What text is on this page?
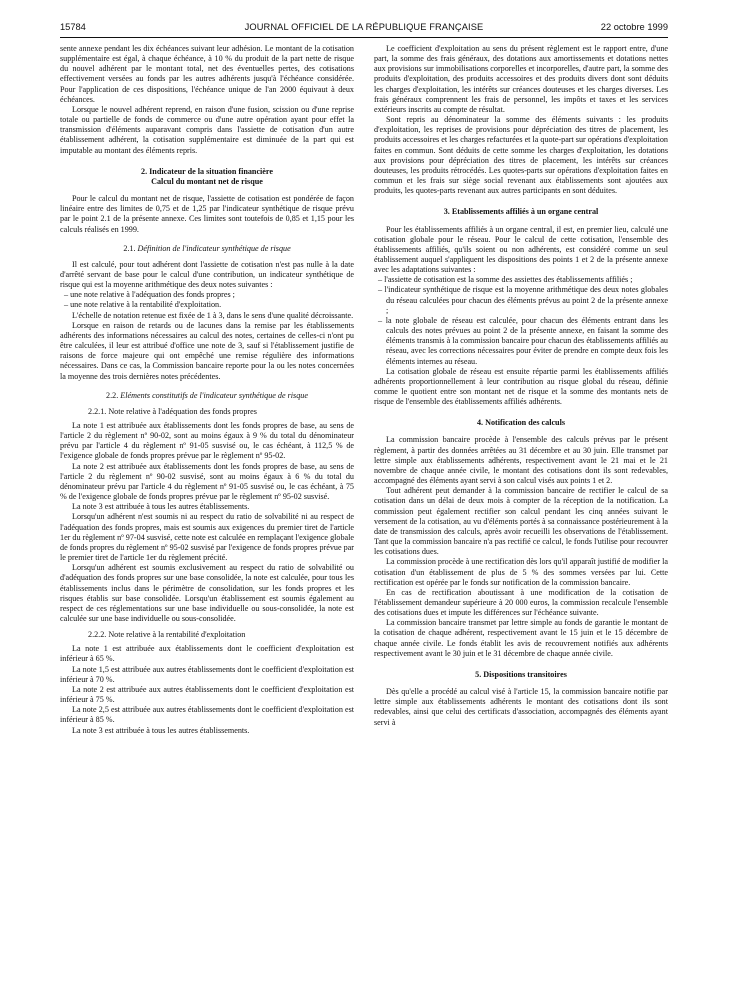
15784	JOURNAL OFFICIEL DE LA RÉPUBLIQUE FRANÇAISE	22 octobre 1999

sente annexe pendant les dix échéances suivant leur adhésion. Le montant de la cotisation supplémentaire est égal, à chaque échéance, à 10 % du produit de la part nette de risque du nouvel adhérent par le montant total, net des éventuelles pertes, des cotisations effectivement versées au fonds par les autres adhérents jusqu'à l'échéance considérée. Pour l'application de ces dispositions, l'échéance unique de l'an 2000 équivaut à deux échéances.

Lorsque le nouvel adhérent reprend, en raison d'une fusion, scission ou d'une reprise totale ou partielle de fonds de commerce ou d'une autre opération ayant pour effet la transmission d'éléments auparavant compris dans l'assiette de cotisation d'un autre établissement adhérent, la cotisation supplémentaire est diminuée de la part qui est imputable au montant des éléments repris.

2. Indicateur de la situation financière
Calcul du montant net de risque

Pour le calcul du montant net de risque, l'assiette de cotisation est pondérée de façon linéaire entre des limites de 0,75 et de 1,25 par l'indicateur synthétique de risque prévu par le point 2.1 de la présente annexe. Ces limites sont toutefois de 0,85 et 1,15 pour les calculs réalisés en 1999.

2.1. Définition de l'indicateur synthétique de risque

Il est calculé, pour tout adhérent dont l'assiette de cotisation n'est pas nulle à la date d'arrêté servant de base pour le calcul d'une contribution, un indicateur synthétique de risque qui est la moyenne arithmétique des deux notes suivantes :

– une note relative à l'adéquation des fonds propres ;
– une note relative à la rentabilité d'exploitation.

L'échelle de notation retenue est fixée de 1 à 3, dans le sens d'une qualité décroissante.

Lorsque en raison de retards ou de lacunes dans la remise par les établissements adhérents des informations nécessaires au calcul des notes, certaines de celles-ci n'ont pu être calculées, il leur est attribué d'office une note de 3, sauf si l'établissement justifie de raisons de force majeure qui ont empêché une remise régulière des informations nécessaires. Dans ce cas, la Commission bancaire reporte pour la ou les notes concernées la moyenne des trois dernières notes précédentes.

2.2. Eléments constitutifs de l'indicateur synthétique de risque
2.2.1. Note relative à l'adéquation des fonds propres

La note 1 est attribuée aux établissements dont les fonds propres de base, au sens de l'article 2 du règlement nº 90-02, sont au moins égaux à 9 % du total du dénominateur prévu par l'article 4 du règlement nº 91-05 susvisé ou, le cas échéant, à 112,5 % de l'exigence globale de fonds propres prévue par le règlement nº 95-02.

La note 2 est attribuée aux établissements dont les fonds propres de base, au sens de l'article 2 du règlement nº 90-02 susvisé, sont au moins égaux à 6 % du total du dénominateur prévu par l'article 4 du règlement nº 91-05 susvisé ou, le cas échéant, à 75 % de l'exigence globale de fonds propres prévue par le règlement nº 95-02 susvisé.

La note 3 est attribuée à tous les autres établissements.

Lorsqu'un adhérent n'est soumis ni au respect du ratio de solvabilité ni au respect de l'adéquation des fonds propres, mais est soumis aux exigences du premier tiret de l'article 1er du règlement nº 97-04 susvisé, cette note est calculée en remplaçant l'exigence globale de fonds propres du règlement nº 95-02 susvisé par l'exigence de fonds propres prévue par le premier tiret de l'article 1er du règlement précité.

Lorsqu'un adhérent est soumis exclusivement au respect du ratio de solvabilité ou d'adéquation des fonds propres sur une base consolidée, la note est calculée, pour tous les établissements inclus dans le périmètre de consolidation, sur les fonds propres et les risques établis sur base consolidée. Lorsqu'un établissement est soumis également au respect de ces réglementations sur une base individuelle ou sous-consolidée, la note est calculée sur une base individuelle ou sous-consolidée.

2.2.2. Note relative à la rentabilité d'exploitation

La note 1 est attribuée aux établissements dont le coefficient d'exploitation est inférieur à 65 %.

La note 1,5 est attribuée aux autres établissements dont le coefficient d'exploitation est inférieur à 70 %.

La note 2 est attribuée aux autres établissements dont le coefficient d'exploitation est inférieur à 75 %.

La note 2,5 est attribuée aux autres établissements dont le coefficient d'exploitation est inférieur à 85 %.

La note 3 est attribuée à tous les autres établissements.

Le coefficient d'exploitation au sens du présent règlement est le rapport entre, d'une part, la somme des frais généraux, des dotations aux amortissements et dotations nettes aux provisions sur immobilisations corporelles et incorporelles, d'autre part, la somme des produits d'exploitation, des produits accessoires et des produits divers dont sont déduits les charges d'exploitation, les intérêts sur créances douteuses et les charges diverses. Les frais généraux comprennent les frais de personnel, les impôts et taxes et les services extérieurs inscrits au compte de résultat.

Sont repris au dénominateur la somme des éléments suivants : les produits d'exploitation, les reprises de provisions pour dépréciation des titres de placement, les produits accessoires et les charges refacturées et la quote-part sur opérations d'exploitation faites en commun. Sont déduits de cette somme les charges d'exploitation, les dotations aux provisions pour dépréciation des titres de placement, les intérêts sur créances douteuses, les produits rétrocédés. Les quotes-parts sur opérations d'exploitation faites en commun et les frais sur siège social revenant aux établissements sont ajoutées aux produits, les quotes-parts revenant aux autres participants en sont déduites.

3. Etablissements affiliés à un organe central

Pour les établissements affiliés à un organe central, il est, en premier lieu, calculé une cotisation globale pour le réseau. Pour le calcul de cette cotisation, l'ensemble des établissements affiliés, qu'ils soient ou non adhérents, est considéré comme un seul établissement auquel s'appliquent les dispositions des points 1 et 2 de la présente annexe avec les adaptations suivantes :

– l'assiette de cotisation est la somme des assiettes des établissements affiliés ;
– l'indicateur synthétique de risque est la moyenne arithmétique des deux notes globales du réseau calculées pour chacun des éléments prévus au point 2 de la présente annexe ;
– la note globale de réseau est calculée, pour chacun des éléments entrant dans les calculs des notes prévues au point 2 de la présente annexe, en faisant la somme des éléments transmis à la commission bancaire pour chacun des établissements affiliés au réseau, avec les corrections nécessaires pour éviter de prendre en compte deux fois les éléments internes au réseau.

La cotisation globale de réseau est ensuite répartie parmi les établissements affiliés adhérents proportionnellement à leur contribution au risque global du réseau, définie comme le quotient entre son montant net de risque et la somme des montants nets de risque de l'ensemble des établissements affiliés adhérents.

4. Notification des calculs

La commission bancaire procède à l'ensemble des calculs prévus par le présent règlement, à partir des données arrêtées au 31 décembre et au 30 juin. Elle transmet par lettre simple aux établissements adhérents, respectivement avant le 21 mai et le 21 novembre de chaque année civile, le montant des cotisations dont ils sont redevables, accompagné des éléments ayant servi à son calcul visés aux points 1 et 2.

Tout adhérent peut demander à la commission bancaire de rectifier le calcul de sa cotisation dans un délai de deux mois à compter de la réception de la notification. La commission peut également rectifier son calcul pendant les cinq années suivant le versement de la cotisation, au vu d'éléments portés à sa connaissance postérieurement à la date de transmission des calculs, après avoir recueilli les observations de l'établissement. Tant que la commission bancaire n'a pas rectifié ce calcul, le fonds l'utilise pour recouvrer les cotisations dues.

La commission procède à une rectification dès lors qu'il apparaît justifié de modifier la cotisation d'un établissement de plus de 5 % des sommes versées par lui. Cette rectification est opérée par le fonds sur notification de la commission bancaire.

En cas de rectification aboutissant à une modification de la cotisation de l'établissement demandeur supérieure à 20 000 euros, la commission recalcule l'ensemble des cotisations dues et impute les différences sur l'échéance suivante.

La commission bancaire transmet par lettre simple au fonds de garantie le montant de la cotisation de chaque adhérent, respectivement avant le 15 juin et le 15 décembre de chaque année civile. Le fonds établit les avis de recouvrement notifiés aux adhérents respectivement avant le 30 juin et le 31 décembre de chaque année civile.

5. Dispositions transitoires

Dès qu'elle a procédé au calcul visé à l'article 15, la commission bancaire notifie par lettre simple aux établissements adhérents le montant des cotisations dont ils sont redevables, ainsi que celui des certificats d'association, accompagnés des éléments ayant servi à
